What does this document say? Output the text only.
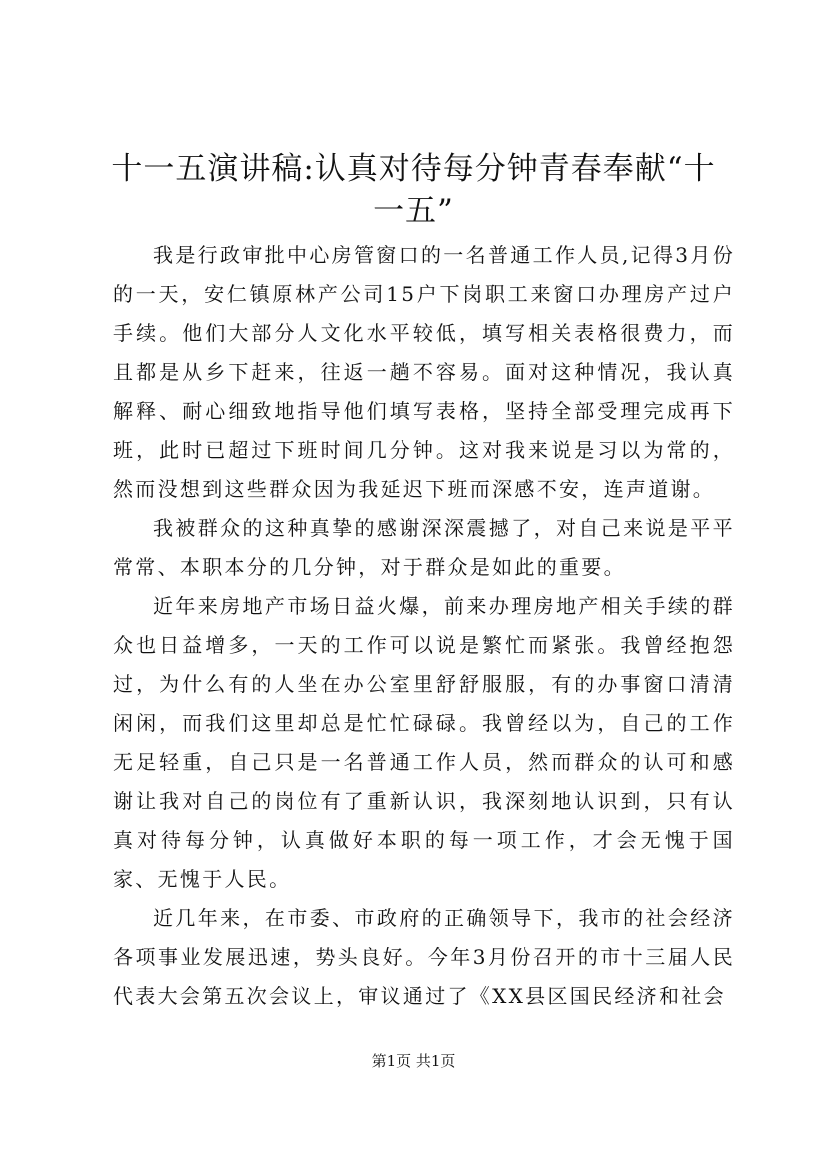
十一五演讲稿:认真对待每分钟青春奉献“十一五”

我是行政审批中心房管窗口的一名普通工作人员,记得3月份的一天，安仁镇原林产公司15户下岗职工来窗口办理房产过户手续。他们大部分人文化水平较低，填写相关表格很费力，而且都是从乡下赶来，往返一趟不容易。面对这种情况，我认真解释、耐心细致地指导他们填写表格，坚持全部受理完成再下班，此时已超过下班时间几分钟。这对我来说是习以为常的，然而没想到这些群众因为我延迟下班而深感不安，连声道谢。

我被群众的这种真挚的感谢深深震撼了，对自己来说是平平常常、本职本分的几分钟，对于群众是如此的重要。

近年来房地产市场日益火爆，前来办理房地产相关手续的群众也日益增多，一天的工作可以说是繁忙而紧张。我曾经抱怨过，为什么有的人坐在办公室里舒舒服服，有的办事窗口清清闲闲，而我们这里却总是忙忙碌碌。我曾经以为，自己的工作无足轻重，自己只是一名普通工作人员，然而群众的认可和感谢让我对自己的岗位有了重新认识，我深刻地认识到，只有认真对待每分钟，认真做好本职的每一项工作，才会无愧于国家、无愧于人民。

近几年来，在市委、市政府的正确领导下，我市的社会经济各项事业发展迅速，势头良好。今年3月份召开的市十三届人民代表大会第五次会议上，审议通过了《XX县区国民经济和社会

第1页 共1页
